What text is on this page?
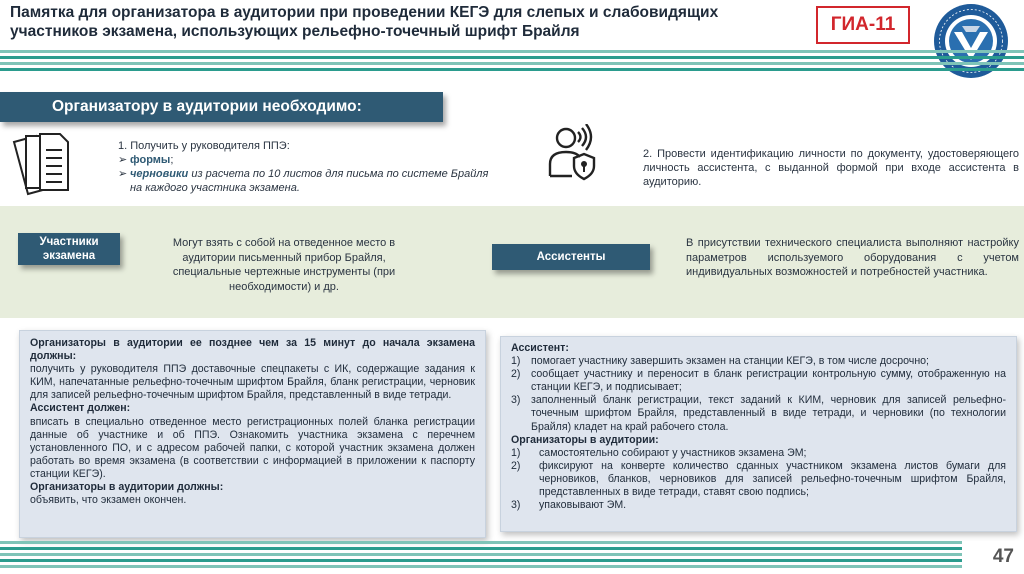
Памятка для организатора в аудитории при проведении КЕГЭ для слепых и слабовидящих участников экзамена, использующих рельефно-точечный шрифт Брайля	ГИА-11
Организатору в аудитории необходимо:
1. Получить у руководителя ППЭ:
➢ формы;
➢ черновики из расчета по 10 листов для письма по системе Брайля на каждого участника экзамена.
2. Провести идентификацию личности по документу, удостоверяющего личность ассистента, с выданной формой при входе ассистента в аудиторию.
Участники экзамена
Могут взять с собой на отведенное место в аудитории письменный прибор Брайля, специальные чертежные инструменты (при необходимости) и др.
Ассистенты
В присутствии технического специалиста выполняют настройку параметров используемого оборудования с учетом индивидуальных возможностей и потребностей участника.
Организаторы в аудитории ее позднее чем за 15 минут до начала экзамена должны:
получить у руководителя ППЭ доставочные спецпакеты с ИК, содержащие задания к КИМ, напечатанные рельефно-точечным шрифтом Брайля, бланк регистрации, черновик для записей рельефно-точечным шрифтом Брайля, представленный в виде тетради.
Ассистент должен:
вписать в специально отведенное место регистрационных полей бланка регистрации данные об участнике и об ППЭ. Ознакомить участника экзамена с перечнем установленного ПО, и с адресом рабочей папки, с которой участник экзамена должен работать во время экзамена (в соответствии с информацией в приложении к паспорту станции КЕГЭ).
Организаторы в аудитории должны:
объявить, что экзамен окончен.
Ассистент:
1) помогает участнику завершить экзамен на станции КЕГЭ, в том числе досрочно;
2) сообщает участнику и переносит в бланк регистрации контрольную сумму, отображенную на станции КЕГЭ, и подписывает;
3) заполненный бланк регистрации, текст заданий к КИМ, черновик для записей рельефно-точечным шрифтом Брайля, представленный в виде тетради, и черновики (по технологии Брайля) кладет на край рабочего стола.
Организаторы в аудитории:
1)	самостоятельно собирают у участников экзамена ЭМ;
2)	фиксируют на конверте количество сданных участником экзамена листов бумаги для черновиков, бланков, черновиков для записей рельефно-точечным шрифтом Брайля, представленных в виде тетради, ставят свою подпись;
3)	упаковывают ЭМ.
47
